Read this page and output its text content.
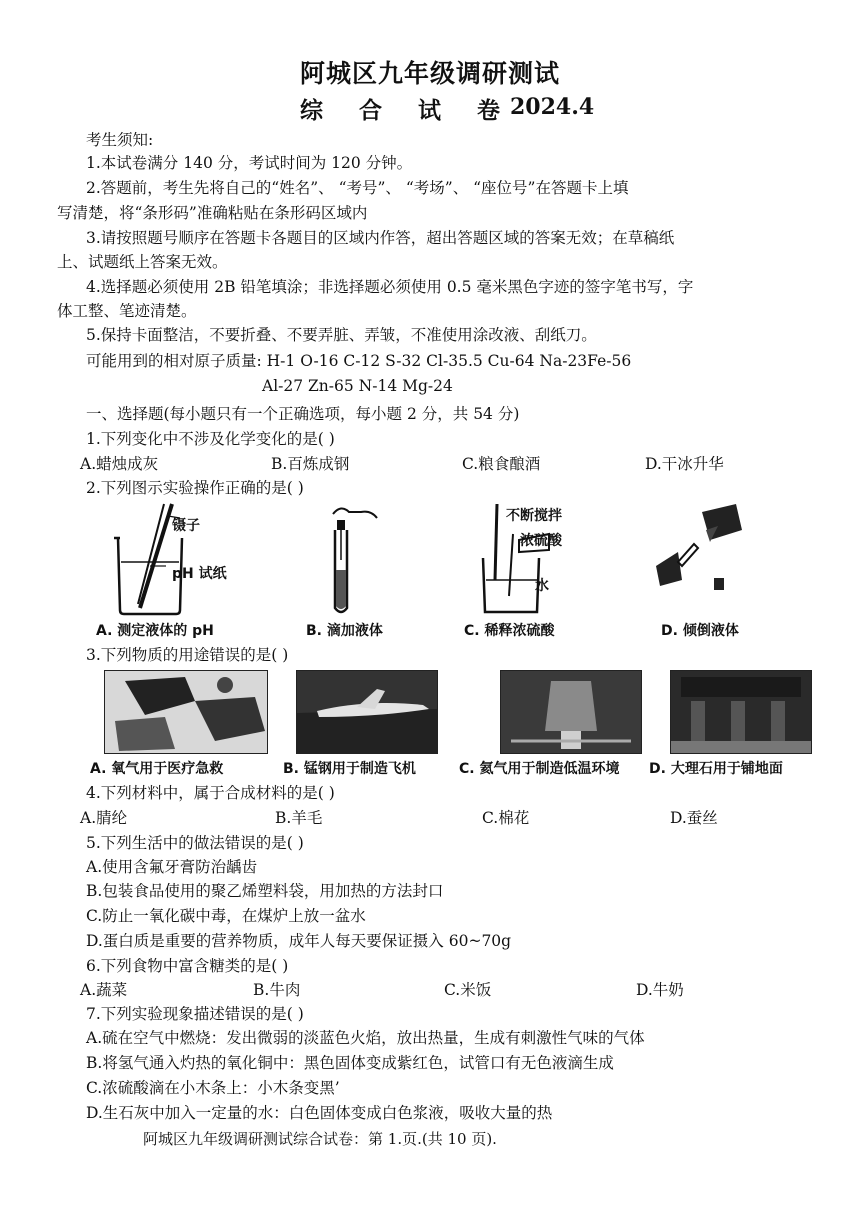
阿城区九年级调研测试
综 合 试 卷
2024.4
考生须知:
1.本试卷满分 140 分，考试时间为 120 分钟。
2.答题前，考生先将自己的“姓名”、 “考号”、 “考场”、 “座位号”在答题卡上填
写清楚，将“条形码”准确粘贴在条形码区域内
3.请按照题号顺序在答题卡各题目的区域内作答，超出答题区域的答案无效；在草稿纸
上、试题纸上答案无效。
4.选择题必须使用 2B 铅笔填涂；非选择题必须使用 0.5 毫米黑色字迹的签字笔书写，字
体工整、笔迹清楚。
5.保持卡面整洁，不要折叠、不要弄脏、弄皱，不准使用涂改液、刮纸刀。
可能用到的相对原子质量: H-1 O-16 C-12 S-32 Cl-35.5 Cu-64 Na-23Fe-56
Al-27 Zn-65 N-14 Mg-24
一、选择题(每小题只有一个正确选项，每小题 2 分，共 54 分)
1.下列变化中不涉及化学变化的是( )
A.蜡烛成灰	B.百炼成钢	C.粮食酿酒	D.干冰升华
2.下列图示实验操作正确的是( )
镊子
pH 试纸
A. 测定液体的 pH	B. 滴加液体
不断搅拌
浓硫酸
水
C. 稀释浓硫酸	D. 倾倒液体
3.下列物质的用途错误的是( )
A. 氧气用于医疗急救	B. 锰钢用于制造飞机	C. 氦气用于制造低温环境 D. 大理石用于铺地面
4.下列材料中，属于合成材料的是( )
A.腈纶	B.羊毛	C.棉花	D.蚕丝
5.下列生活中的做法错误的是( )
A.使用含氟牙膏防治龋齿
B.包装食品使用的聚乙烯塑料袋，用加热的方法封口
C.防止一氧化碳中毒，在煤炉上放一盆水
D.蛋白质是重要的营养物质，成年人每天要保证摄入 60~70g
6.下列食物中富含糖类的是( )
A.蔬菜	B.牛肉	C.米饭	D.牛奶
7.下列实验现象描述错误的是( )
A.硫在空气中燃烧：发出微弱的淡蓝色火焰，放出热量，生成有刺激性气味的气体
B.将氢气通入灼热的氧化铜中：黑色固体变成紫红色，试管口有无色液滴生成
C.浓硫酸滴在小木条上：小木条变黑’
D.生石灰中加入一定量的水：白色固体变成白色浆液，吸收大量的热
阿城区九年级调研测试综合试卷：第 1.页.(共 10 页).
